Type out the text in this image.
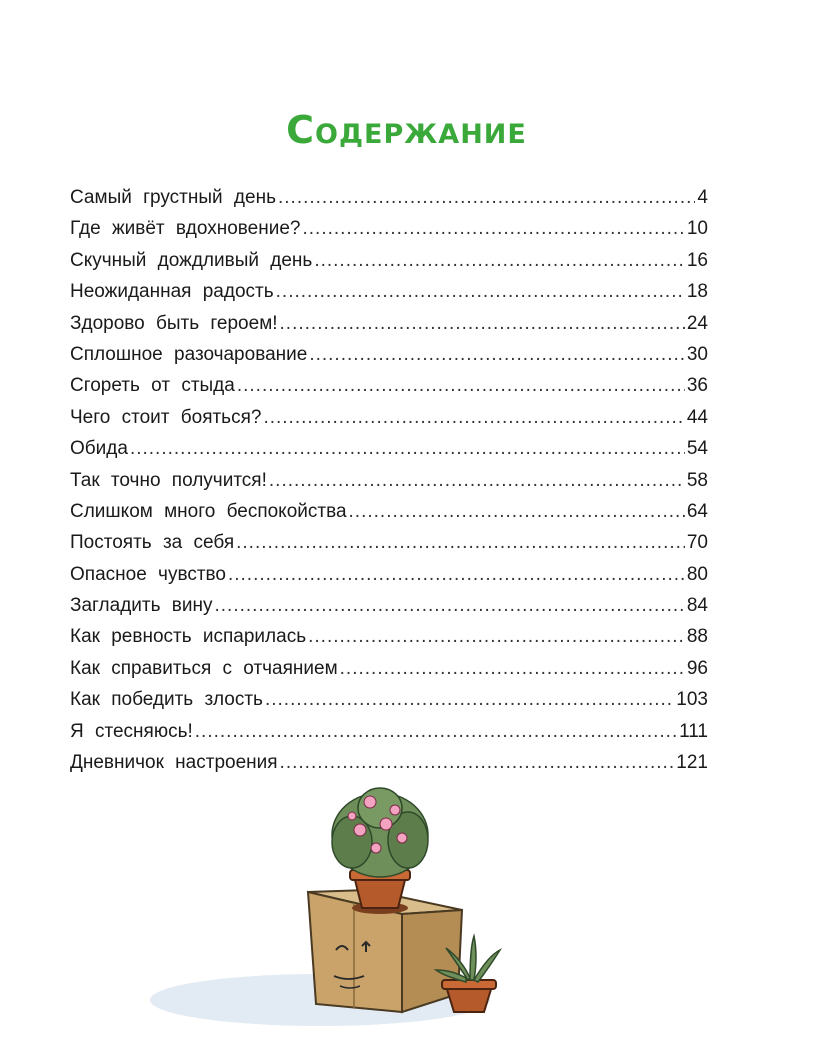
Содержание
Самый грустный день .....	4
Где живёт вдохновение? .....	10
Скучный дождливый день .....	16
Неожиданная радость .....	18
Здорово быть героем! .....	24
Сплошное разочарование .....	30
Сгореть от стыда .....	36
Чего стоит бояться? .....	44
Обида .....	54
Так точно получится! .....	58
Слишком много беспокойства .....	64
Постоять за себя .....	70
Опасное чувство .....	80
Загладить вину .....	84
Как ревность испарилась .....	88
Как справиться с отчаянием .....	96
Как победить злость .....	103
Я стесняюсь! .....	111
Дневничок настроения .....	121
